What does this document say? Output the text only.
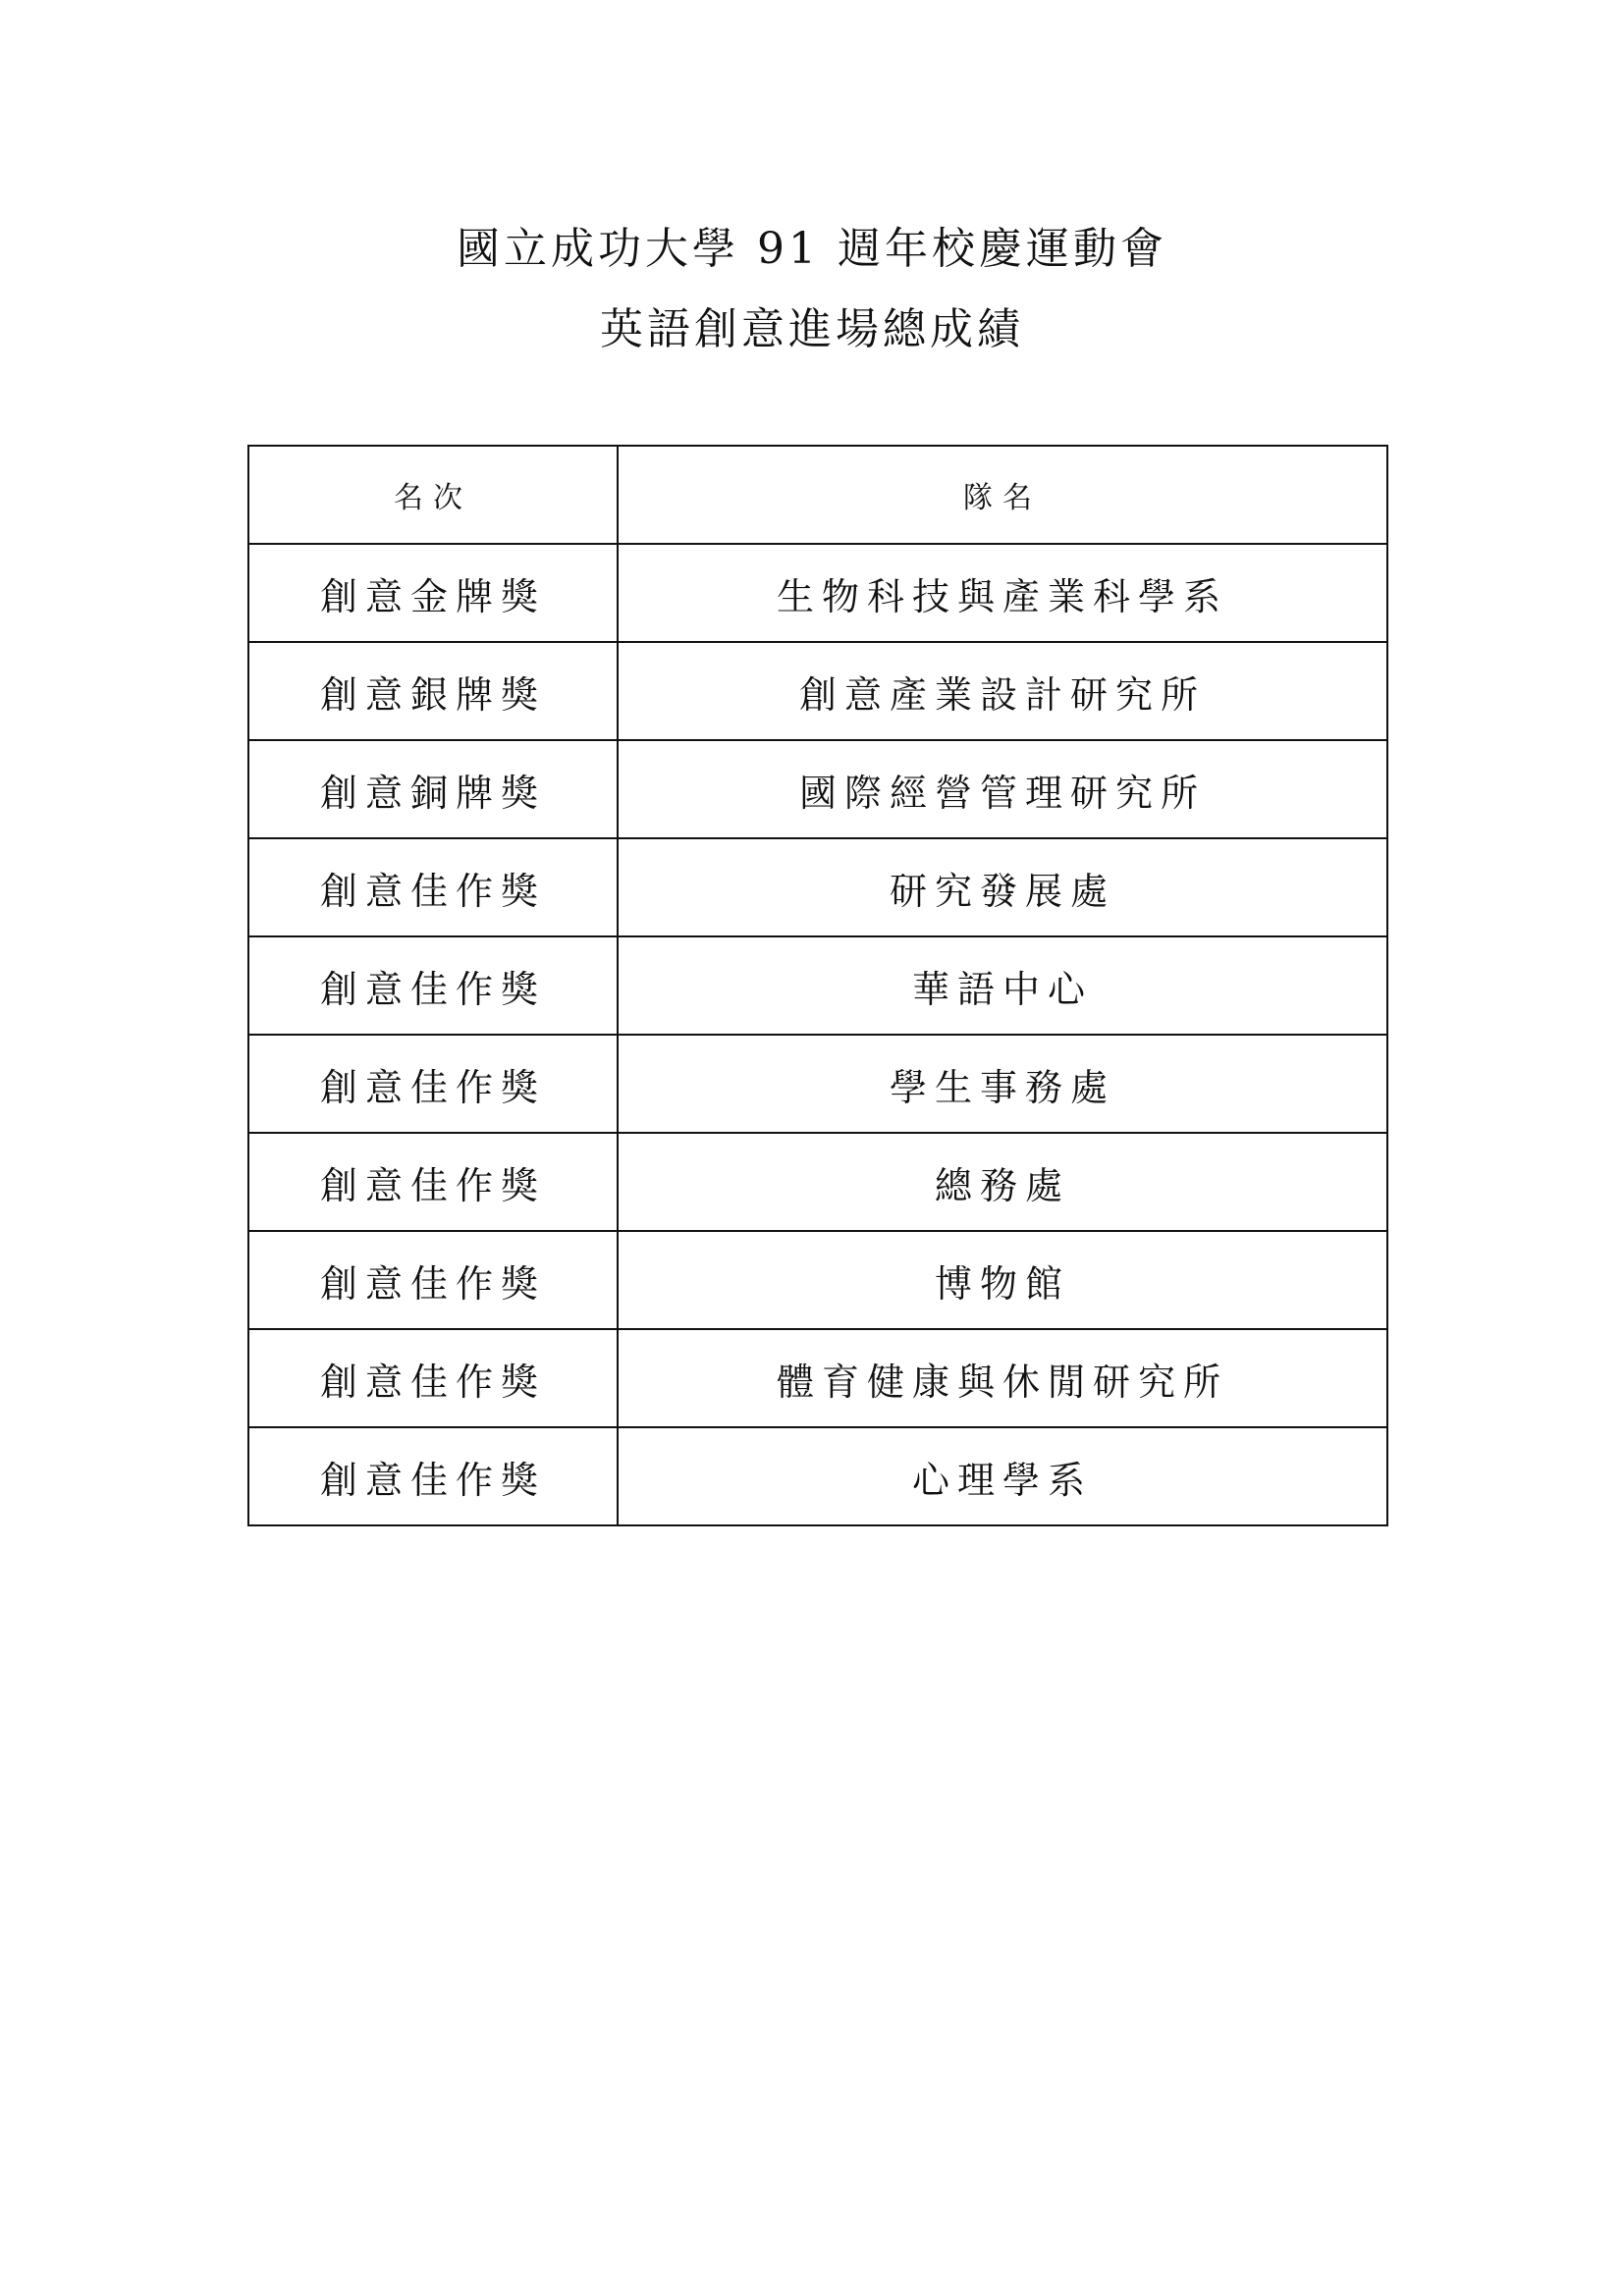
國立成功大學 91 週年校慶運動會
英語創意進場總成績
名次	隊名
創意金牌獎	生物科技與產業科學系
創意銀牌獎	創意產業設計研究所
創意銅牌獎	國際經營管理研究所
創意佳作獎	研究發展處
創意佳作獎	華語中心
創意佳作獎	學生事務處
創意佳作獎	總務處
創意佳作獎	博物館
創意佳作獎	體育健康與休閒研究所
創意佳作獎	心理學系
